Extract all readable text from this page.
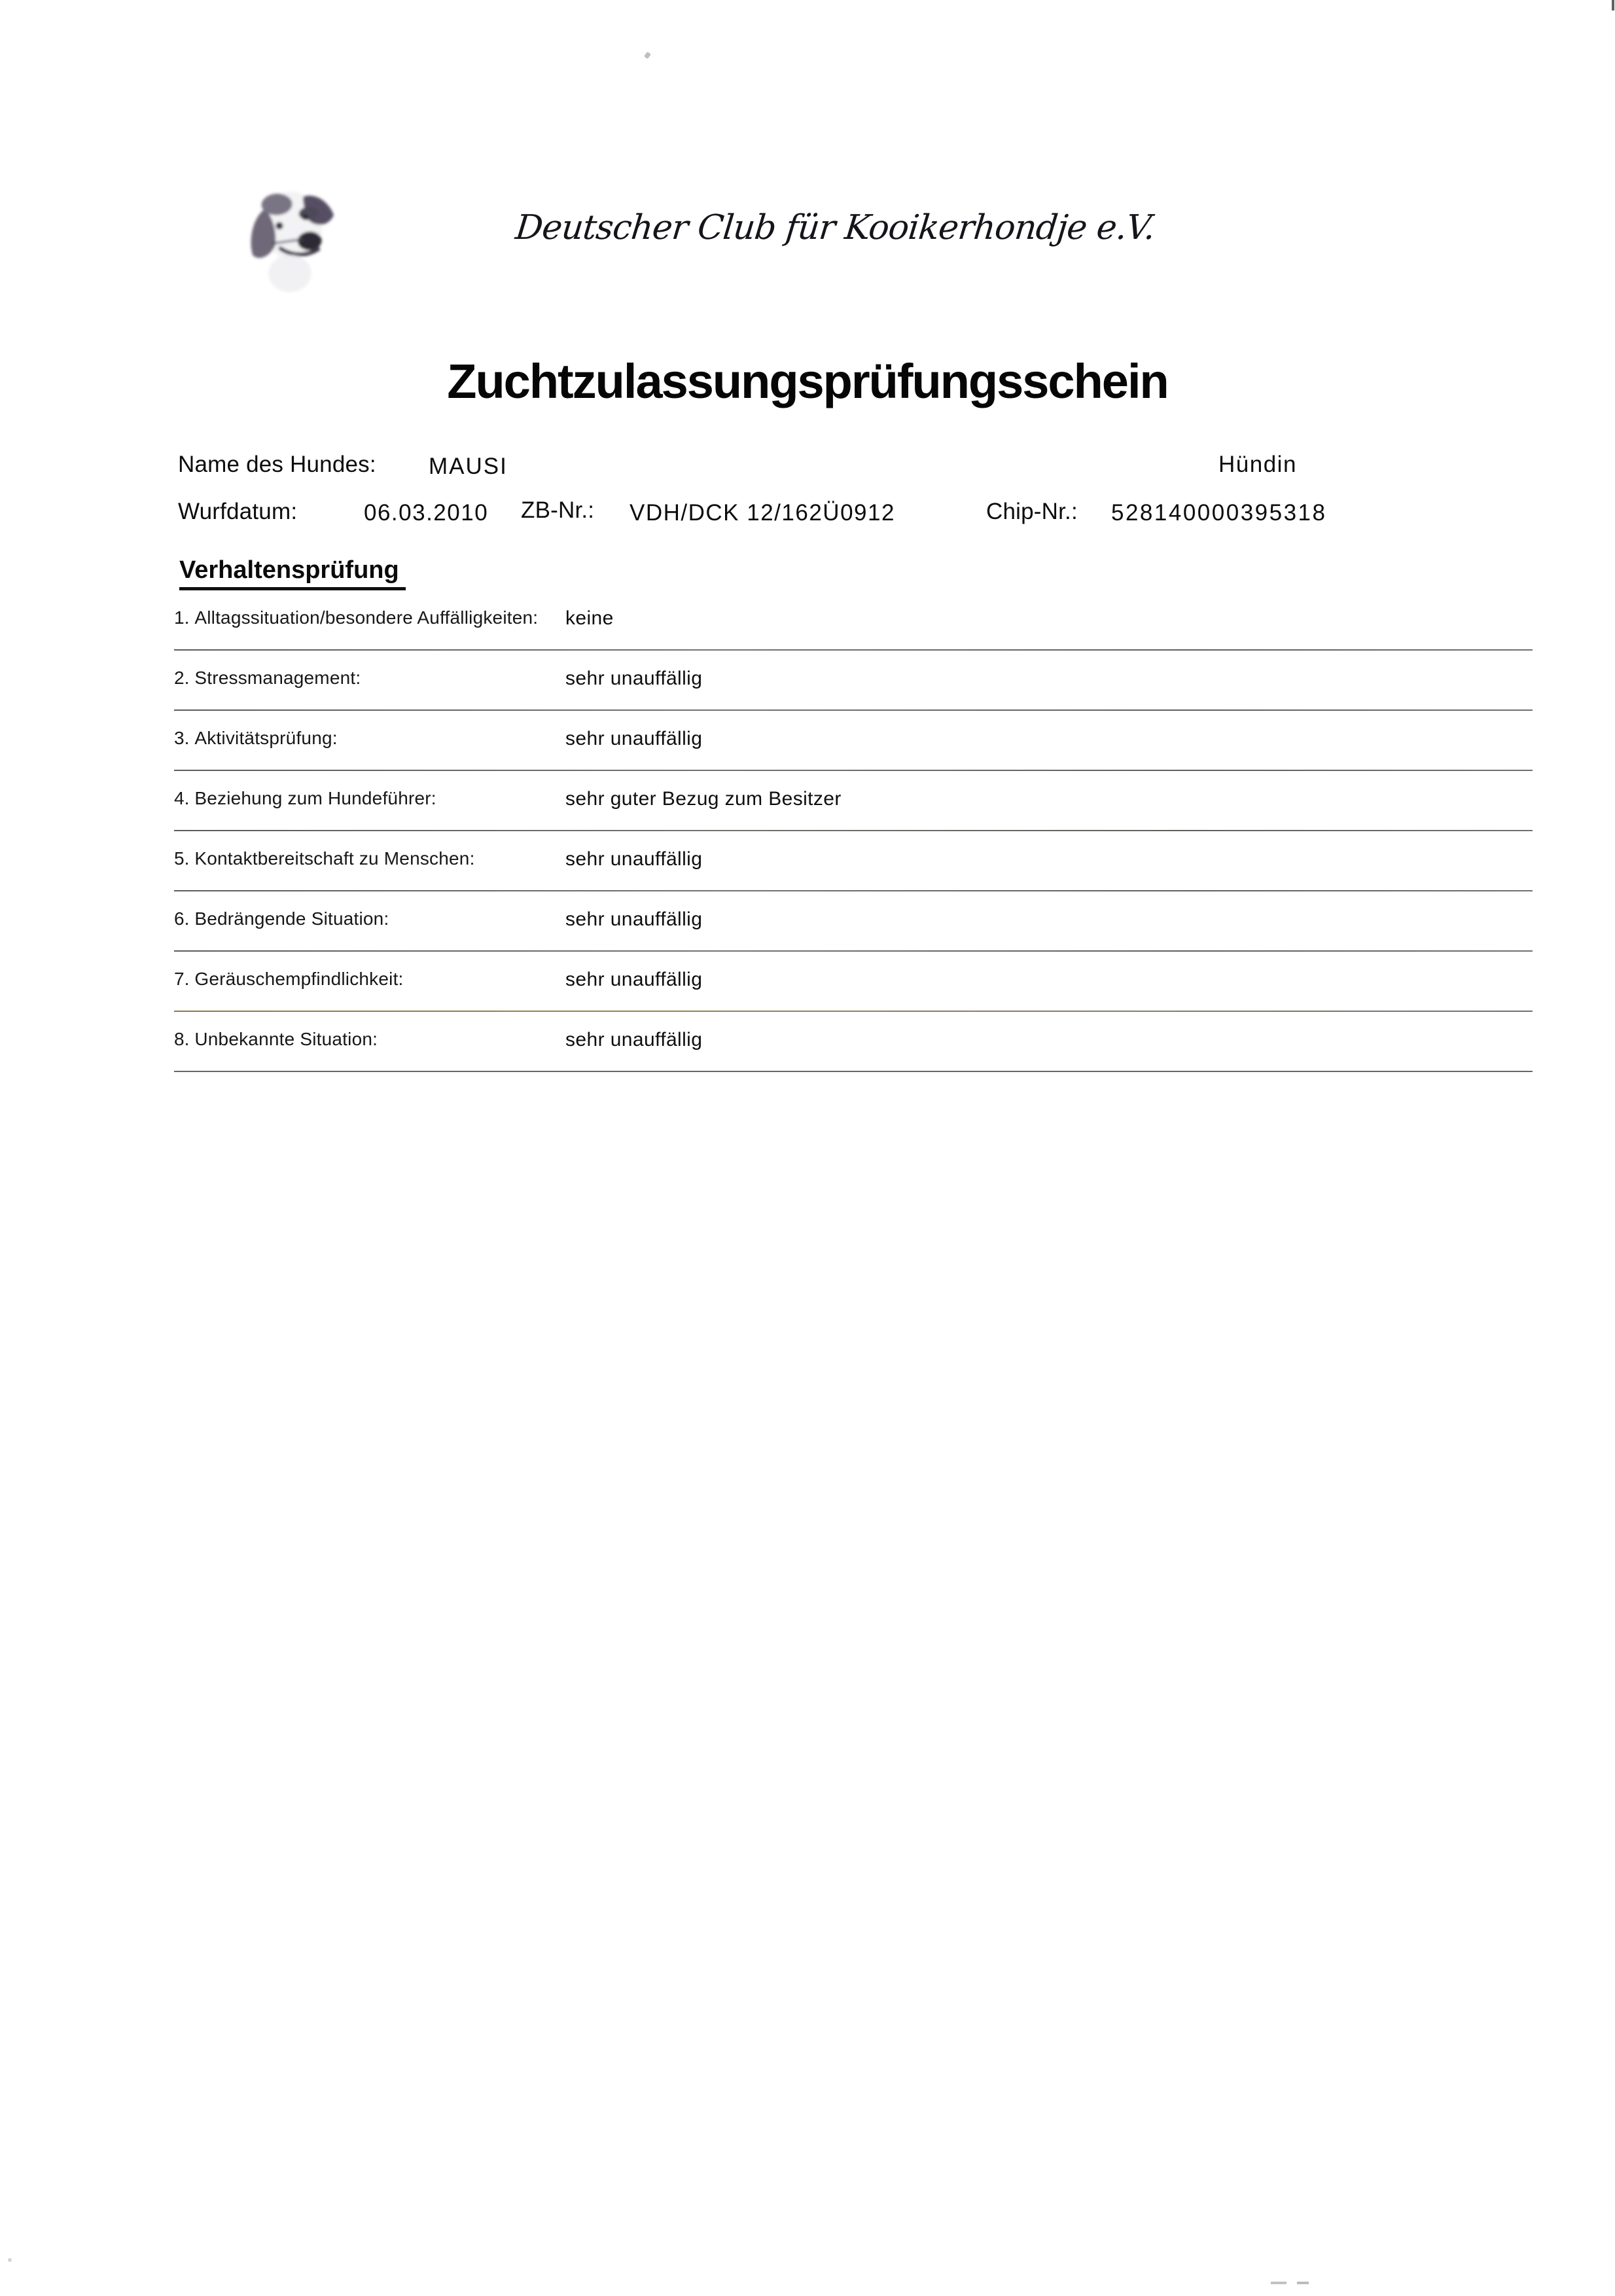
Deutscher Club für Kooikerhondje e.V.
Zuchtzulassungsprüfungsschein
Name des Hundes: MAUSI	Hündin
Wurfdatum:	06.03.2010 ZB-Nr.: VDH/DCK 12/162Ü0912	Chip-Nr.: 528140000395318
Verhaltensprüfung
1. Alltagssituation/besondere Auffälligkeiten: keine
2. Stressmanagement:	sehr unauffällig
3. Aktivitätsprüfung:	sehr unauffällig
4. Beziehung zum Hundeführer:	sehr guter Bezug zum Besitzer
5. Kontaktbereitschaft zu Menschen:	sehr unauffällig
6. Bedrängende Situation:	sehr unauffällig
7. Geräuschempfindlichkeit:	sehr unauffällig
8. Unbekannte Situation:	sehr unauffällig
